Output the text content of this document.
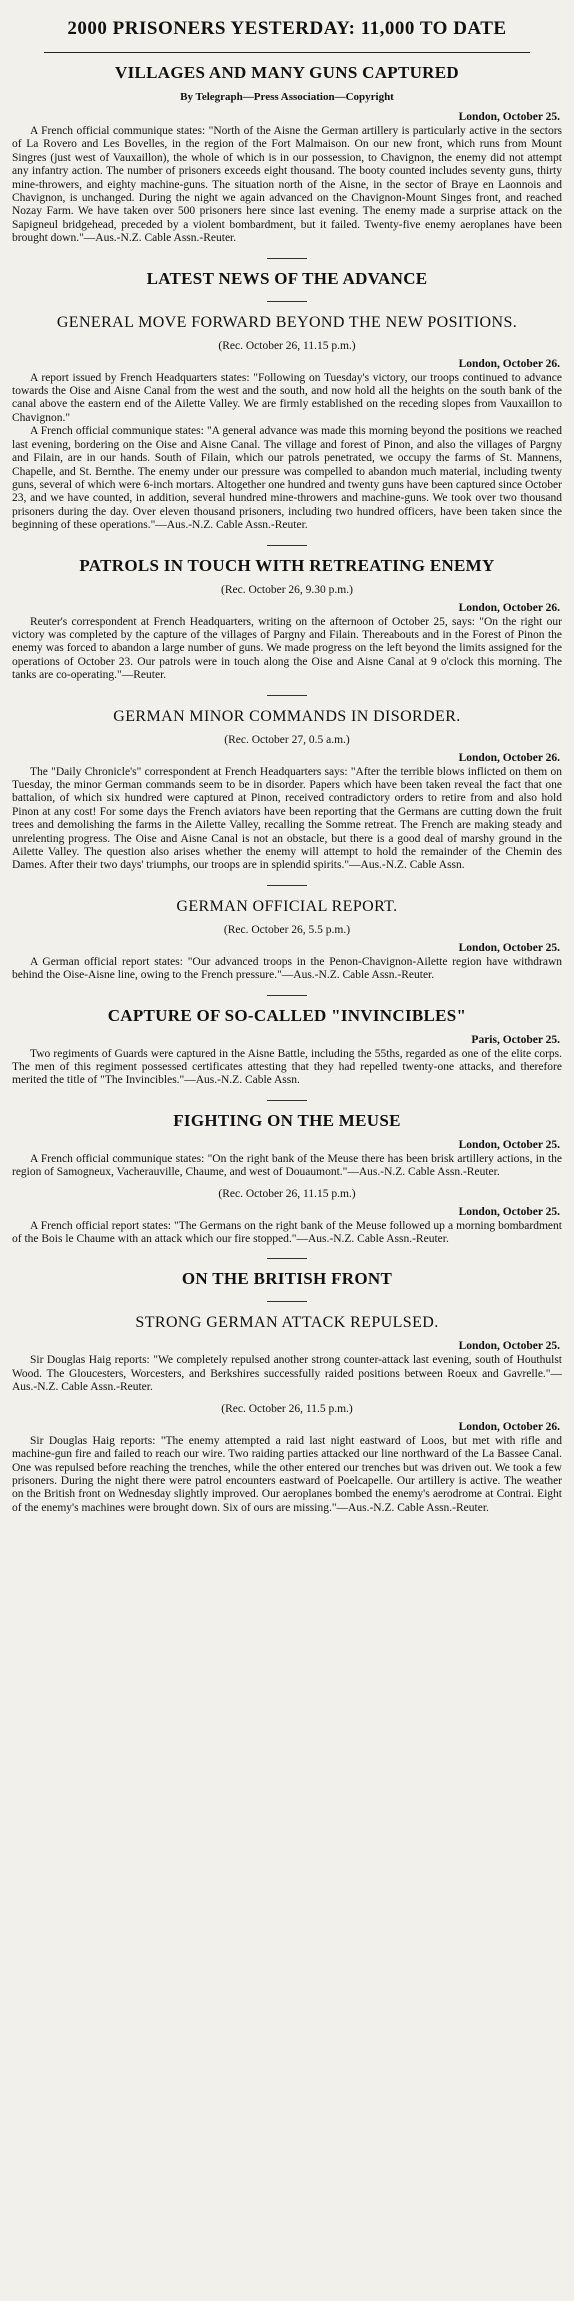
2000 PRISONERS YESTERDAY: 11,000 TO DATE
VILLAGES AND MANY GUNS CAPTURED
By Telegraph—Press Association—Copyright
London, October 25.

A French official communique states: "North of the Aisne the German artillery is particularly active in the sectors of La Rovero and Les Bovelles, in the region of the Fort Malmaison. On our new front, which runs from Mount Singres (just west of Vauxaillon), the whole of which is in our possession, to Chavignon, the enemy did not attempt any infantry action. The number of prisoners exceeds eight thousand. The booty counted includes seventy guns, thirty mine-throwers, and eighty machine-guns. The situation north of the Aisne, in the sector of Braye en Laonnois and Chavignon, is unchanged. During the night we again advanced on the Chavignon-Mount Singes front, and reached Nozay Farm. We have taken over 500 prisoners here since last evening. The enemy made a surprise attack on the Sapigneul bridgehead, preceded by a violent bombardment, but it failed. Twenty-five enemy aeroplanes have been brought down."—Aus.-N.Z. Cable Assn.-Reuter.

LATEST NEWS OF THE ADVANCE
GENERAL MOVE FORWARD BEYOND THE NEW POSITIONS.
(Rec. October 26, 11.15 p.m.)
London, October 26.

A report issued by French Headquarters states: "Following on Tuesday's victory, our troops continued to advance towards the Oise and Aisne Canal from the west and the south, and now hold all the heights on the south bank of the canal above the eastern end of the Ailette Valley. We are firmly established on the receding slopes from Vauxaillon to Chavignon."

A French official communique states: "A general advance was made this morning beyond the positions we reached last evening, bordering on the Oise and Aisne Canal. The village and forest of Pinon, and also the villages of Pargny and Filain, are in our hands. South of Filain, which our patrols penetrated, we occupy the farms of St. Mannens, Chapelle, and St. Bernthe. The enemy under our pressure was compelled to abandon much material, including twenty guns, several of which were 6-inch mortars. Altogether one hundred and twenty guns have been captured since October 23, and we have counted, in addition, several hundred mine-throwers and machine-guns. We took over two thousand prisoners during the day. Over eleven thousand prisoners, including two hundred officers, have been taken since the beginning of these operations."—Aus.-N.Z. Cable Assn.-Reuter.

PATROLS IN TOUCH WITH RETREATING ENEMY
(Rec. October 26, 9.30 p.m.)
London, October 26.

Reuter's correspondent at French Headquarters, writing on the afternoon of October 25, says: "On the right our victory was completed by the capture of the villages of Pargny and Filain. Thereabouts and in the Forest of Pinon the enemy was forced to abandon a large number of guns. We made progress on the left beyond the limits assigned for the operations of October 23. Our patrols were in touch along the Oise and Aisne Canal at 9 o'clock this morning. The tanks are co-operating."—Reuter.

GERMAN MINOR COMMANDS IN DISORDER.
(Rec. October 27, 0.5 a.m.)
London, October 26.

The "Daily Chronicle's" correspondent at French Headquarters says: "After the terrible blows inflicted on them on Tuesday, the minor German commands seem to be in disorder. Papers which have been taken reveal the fact that one battalion, of which six hundred were captured at Pinon, received contradictory orders to retire from and also hold Pinon at any cost! For some days the French aviators have been reporting that the Germans are cutting down the fruit trees and demolishing the farms in the Ailette Valley, recalling the Somme retreat. The French are making steady and unrelenting progress. The Oise and Aisne Canal is not an obstacle, but there is a good deal of marshy ground in the Ailette Valley. The question also arises whether the enemy will attempt to hold the remainder of the Chemin des Dames. After their two days' triumphs, our troops are in splendid spirits."—Aus.-N.Z. Cable Assn.

GERMAN OFFICIAL REPORT.
(Rec. October 26, 5.5 p.m.)
London, October 25.

A German official report states: "Our advanced troops in the Penon-Chavignon-Ailette region have withdrawn behind the Oise-Aisne line, owing to the French pressure."—Aus.-N.Z. Cable Assn.-Reuter.

CAPTURE OF SO-CALLED "INVINCIBLES"
Paris, October 25.

Two regiments of Guards were captured in the Aisne Battle, including the 55ths, regarded as one of the elite corps. The men of this regiment possessed certificates attesting that they had repelled twenty-one attacks, and therefore merited the title of "The Invincibles."—Aus.-N.Z. Cable Assn.

FIGHTING ON THE MEUSE
London, October 25.

A French official communique states: "On the right bank of the Meuse there has been brisk artillery actions, in the region of Samogneux, Vacherauville, Chaume, and west of Douaumont."—Aus.-N.Z. Cable Assn.-Reuter.

(Rec. October 26, 11.15 p.m.)
London, October 25.

A French official report states: "The Germans on the right bank of the Meuse followed up a morning bombardment of the Bois le Chaume with an attack which our fire stopped."—Aus.-N.Z. Cable Assn.-Reuter.

ON THE BRITISH FRONT
STRONG GERMAN ATTACK REPULSED.
London, October 25.

Sir Douglas Haig reports: "We completely repulsed another strong counter-attack last evening, south of Houthulst Wood. The Gloucesters, Worcesters, and Berkshires successfully raided positions between Roeux and Gavrelle."—Aus.-N.Z. Cable Assn.-Reuter.

(Rec. October 26, 11.5 p.m.)
London, October 26.

Sir Douglas Haig reports: "The enemy attempted a raid last night eastward of Loos, but met with rifle and machine-gun fire and failed to reach our wire. Two raiding parties attacked our line northward of the La Bassee Canal. One was repulsed before reaching the trenches, while the other entered our trenches but was driven out. We took a few prisoners. During the night there were patrol encounters eastward of Poelcapelle. Our artillery is active. The weather on the British front on Wednesday slightly improved. Our aeroplanes bombed the enemy's aerodrome at Contrai. Eight of the enemy's machines were brought down. Six of ours are missing."—Aus.-N.Z. Cable Assn.-Reuter.
